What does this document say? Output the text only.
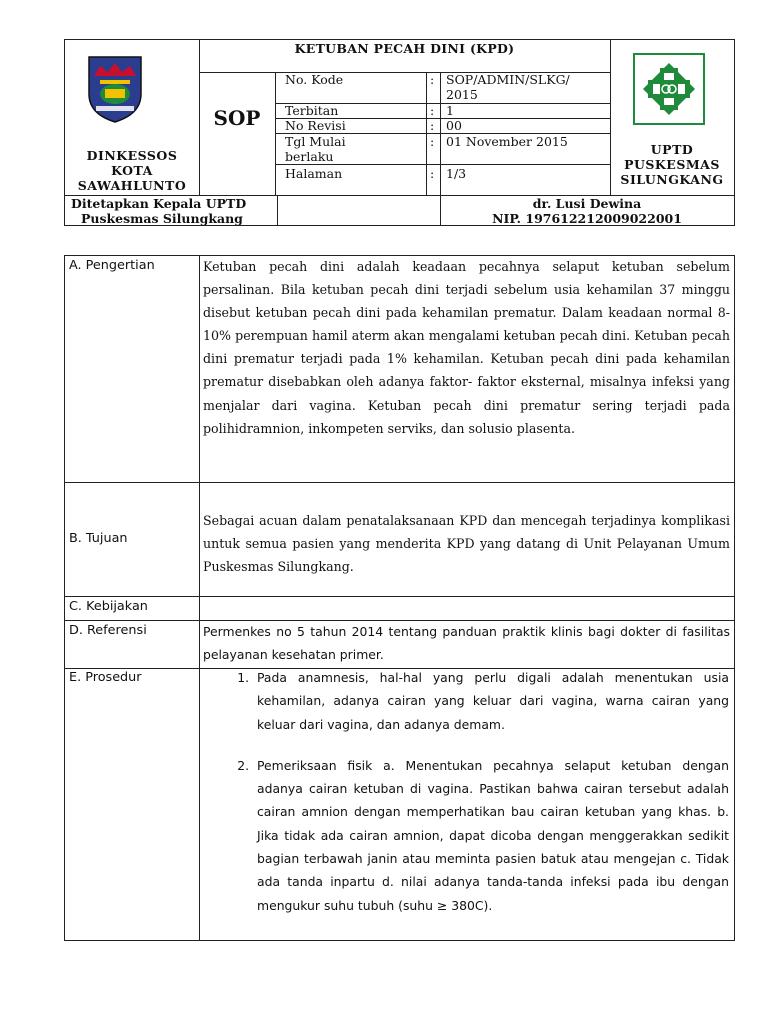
DINKESSOS
KOTA
SAWAHLUNTO
KETUBAN PECAH DINI (KPD)
SOP
No. Kode	: SOP/ADMIN/SLKG/
2015
Terbitan	: 1
No Revisi	: 00
Tgl Mulai
berlaku
: 01 November 2015
Halaman	: 1/3
UPTD
PUSKESMAS
SILUNGKANG
Ditetapkan Kepala UPTD
Puskesmas Silungkang
dr. Lusi Dewina
NIP. 197612212009022001
A. Pengertian	Ketuban pecah dini adalah keadaan pecahnya selaput ketuban sebelum persalinan. Bila ketuban pecah dini terjadi sebelum usia kehamilan 37 minggu disebut ketuban pecah dini pada kehamilan prematur. Dalam keadaan normal 8-10% perempuan hamil aterm akan mengalami ketuban pecah dini. Ketuban pecah dini prematur terjadi pada 1% kehamilan. Ketuban pecah dini pada kehamilan prematur disebabkan oleh adanya faktor- faktor eksternal, misalnya infeksi yang menjalar dari vagina. Ketuban pecah dini prematur sering terjadi pada polihidramnion, inkompeten serviks, dan solusio plasenta.
B. Tujuan
Sebagai acuan dalam penatalaksanaan KPD dan mencegah terjadinya komplikasi untuk semua pasien yang menderita KPD yang datang di Unit Pelayanan Umum Puskesmas Silungkang.
C. Kebijakan
D. Referensi	Permenkes no 5 tahun 2014 tentang panduan praktik klinis bagi dokter di fasilitas pelayanan kesehatan primer.
E. Prosedur
1.	Pada anamnesis, hal-hal yang perlu digali adalah menentukan usia kehamilan, adanya cairan yang keluar dari vagina, warna cairan yang keluar dari vagina, dan adanya demam.
2. Pemeriksaan fisik a. Menentukan pecahnya selaput ketuban dengan adanya cairan ketuban di vagina. Pastikan bahwa cairan tersebut adalah cairan amnion dengan memperhatikan bau cairan ketuban yang khas. b. Jika tidak ada cairan amnion, dapat dicoba dengan menggerakkan sedikit bagian terbawah janin atau meminta pasien batuk atau mengejan c. Tidak ada tanda inpartu d. nilai adanya tanda-tanda infeksi pada ibu dengan mengukur suhu tubuh (suhu ≥ 380C).
